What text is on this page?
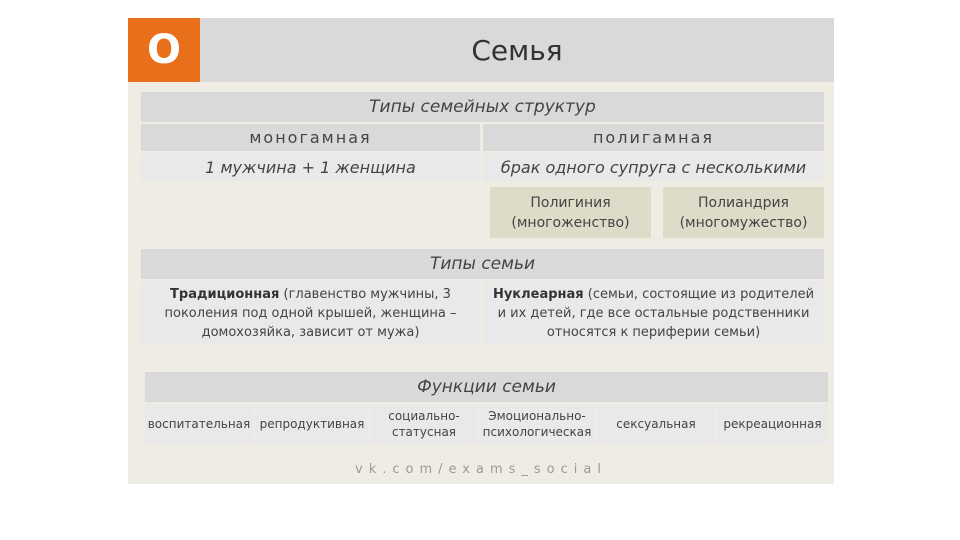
О	Семья
Типы семейных структур
моногамная	полигамная
1 мужчина + 1 женщина	брак одного супруга с несколькими
Полигиния
(многоженство)
Полиандрия
(многомужество)
Типы семьи
Традиционная (главенство мужчины, 3 поколения под одной крышей, женщина – домохозяйка, зависит от мужа)
Нуклеарная (семьи, состоящие из родителей и их детей, где все остальные родственники относятся к периферии семьи)
Функции семьи
воспитательная репродуктивная
социально-
статусная
Эмоционально-
психологическая
сексуальная рекреационная
vk.com/exams_social
